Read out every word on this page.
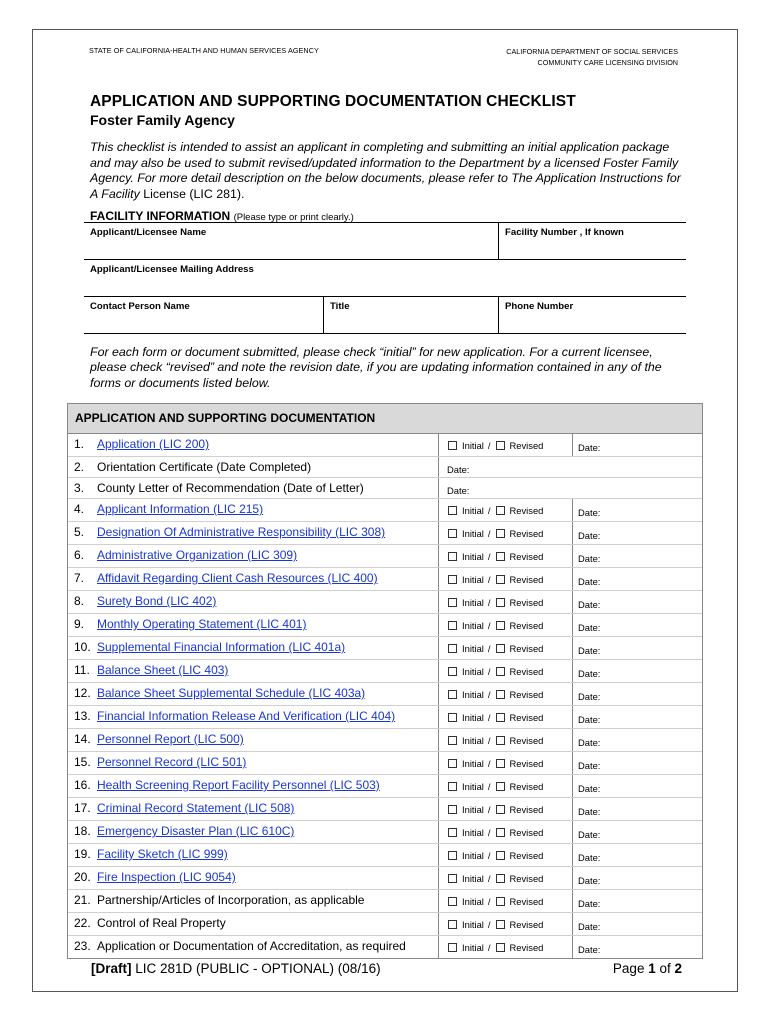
STATE OF CALIFORNIA-HEALTH AND HUMAN SERVICES AGENCY	CALIFORNIA DEPARTMENT OF SOCIAL SERVICES
COMMUNITY CARE LICENSING DIVISION
APPLICATION AND SUPPORTING DOCUMENTATION CHECKLIST
Foster Family Agency
This checklist is intended to assist an applicant in completing and submitting an initial application package and may also be used to submit revised/updated information to the Department by a licensed Foster Family Agency. For more detail description on the below documents, please refer to The Application Instructions for A Facility License (LIC 281).
FACILITY INFORMATION (Please type or print clearly.)
Applicant/Licensee Name	Facility Number , If known
Applicant/Licensee Mailing Address
Contact Person Name	Title	Phone Number
For each form or document submitted, please check “initial” for new application. For a current licensee, please check “revised” and note the revision date, if you are updating information contained in any of the forms or documents listed below.
APPLICATION AND SUPPORTING DOCUMENTATION
1. Application (LIC 200)	Initial / Revised	Date:
2. Orientation Certificate (Date Completed)	Date:
3. County Letter of Recommendation (Date of Letter)	Date:
4. Applicant Information (LIC 215)	Initial / Revised	Date:
5. Designation Of Administrative Responsibility (LIC 308)	Initial / Revised	Date:
6. Administrative Organization (LIC 309)	Initial / Revised	Date:
7. Affidavit Regarding Client Cash Resources (LIC 400)	Initial / Revised	Date:
8. Surety Bond (LIC 402)	Initial / Revised	Date:
9. Monthly Operating Statement (LIC 401)	Initial / Revised	Date:
10. Supplemental Financial Information (LIC 401a)	Initial / Revised	Date:
11. Balance Sheet (LIC 403)	Initial / Revised	Date:
12. Balance Sheet Supplemental Schedule (LIC 403a)	Initial / Revised	Date:
13. Financial Information Release And Verification (LIC 404)	Initial / Revised	Date:
14. Personnel Report (LIC 500)	Initial / Revised	Date:
15. Personnel Record (LIC 501)	Initial / Revised	Date:
16. Health Screening Report Facility Personnel (LIC 503)	Initial / Revised	Date:
17. Criminal Record Statement (LIC 508)	Initial / Revised	Date:
18. Emergency Disaster Plan (LIC 610C)	Initial / Revised	Date:
19. Facility Sketch (LIC 999)	Initial / Revised	Date:
20. Fire Inspection (LIC 9054)	Initial / Revised	Date:
21. Partnership/Articles of Incorporation, as applicable	Initial / Revised	Date:
22. Control of Real Property	Initial / Revised	Date:
23. Application or Documentation of Accreditation, as required	Initial / Revised	Date:
[Draft] LIC 281D (PUBLIC - OPTIONAL) (08/16)	Page 1 of 2
